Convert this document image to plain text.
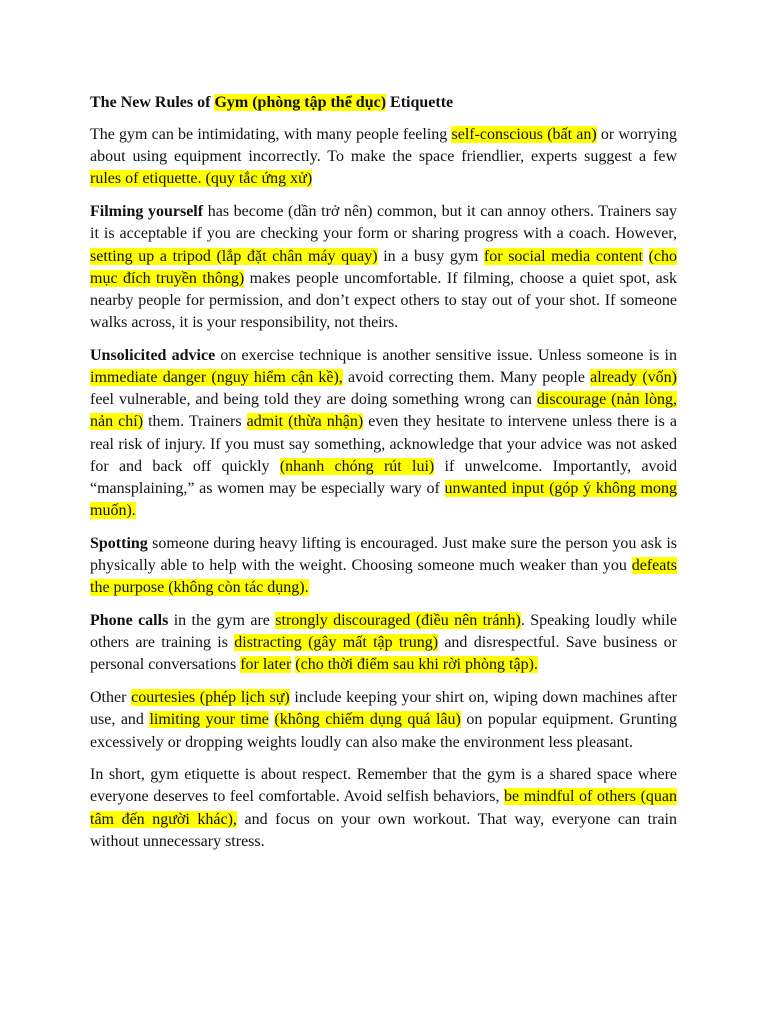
The New Rules of Gym (phòng tập thể dục) Etiquette

The gym can be intimidating, with many people feeling self-conscious (bất an) or worrying about using equipment incorrectly. To make the space friendlier, experts suggest a few rules of etiquette. (quy tắc ứng xử)

Filming yourself has become (dần trở nên) common, but it can annoy others. Trainers say it is acceptable if you are checking your form or sharing progress with a coach. However, setting up a tripod (lắp đặt chân máy quay) in a busy gym for social media content (cho mục đích truyền thông) makes people uncomfortable. If filming, choose a quiet spot, ask nearby people for permission, and don’t expect others to stay out of your shot. If someone walks across, it is your responsibility, not theirs.

Unsolicited advice on exercise technique is another sensitive issue. Unless someone is in immediate danger (nguy hiểm cận kề), avoid correcting them. Many people already (vốn) feel vulnerable, and being told they are doing something wrong can discourage (nản lòng, nản chí) them. Trainers admit (thừa nhận) even they hesitate to intervene unless there is a real risk of injury. If you must say something, acknowledge that your advice was not asked for and back off quickly (nhanh chóng rút lui) if unwelcome. Importantly, avoid “mansplaining,” as women may be especially wary of unwanted input (góp ý không mong muốn).

Spotting someone during heavy lifting is encouraged. Just make sure the person you ask is physically able to help with the weight. Choosing someone much weaker than you defeats the purpose (không còn tác dụng).

Phone calls in the gym are strongly discouraged (điều nên tránh). Speaking loudly while others are training is distracting (gây mất tập trung) and disrespectful. Save business or personal conversations for later (cho thời điểm sau khi rời phòng tập).

Other courtesies (phép lịch sự) include keeping your shirt on, wiping down machines after use, and limiting your time (không chiếm dụng quá lâu) on popular equipment. Grunting excessively or dropping weights loudly can also make the environment less pleasant.

In short, gym etiquette is about respect. Remember that the gym is a shared space where everyone deserves to feel comfortable. Avoid selfish behaviors, be mindful of others (quan tâm đến người khác), and focus on your own workout. That way, everyone can train without unnecessary stress.
